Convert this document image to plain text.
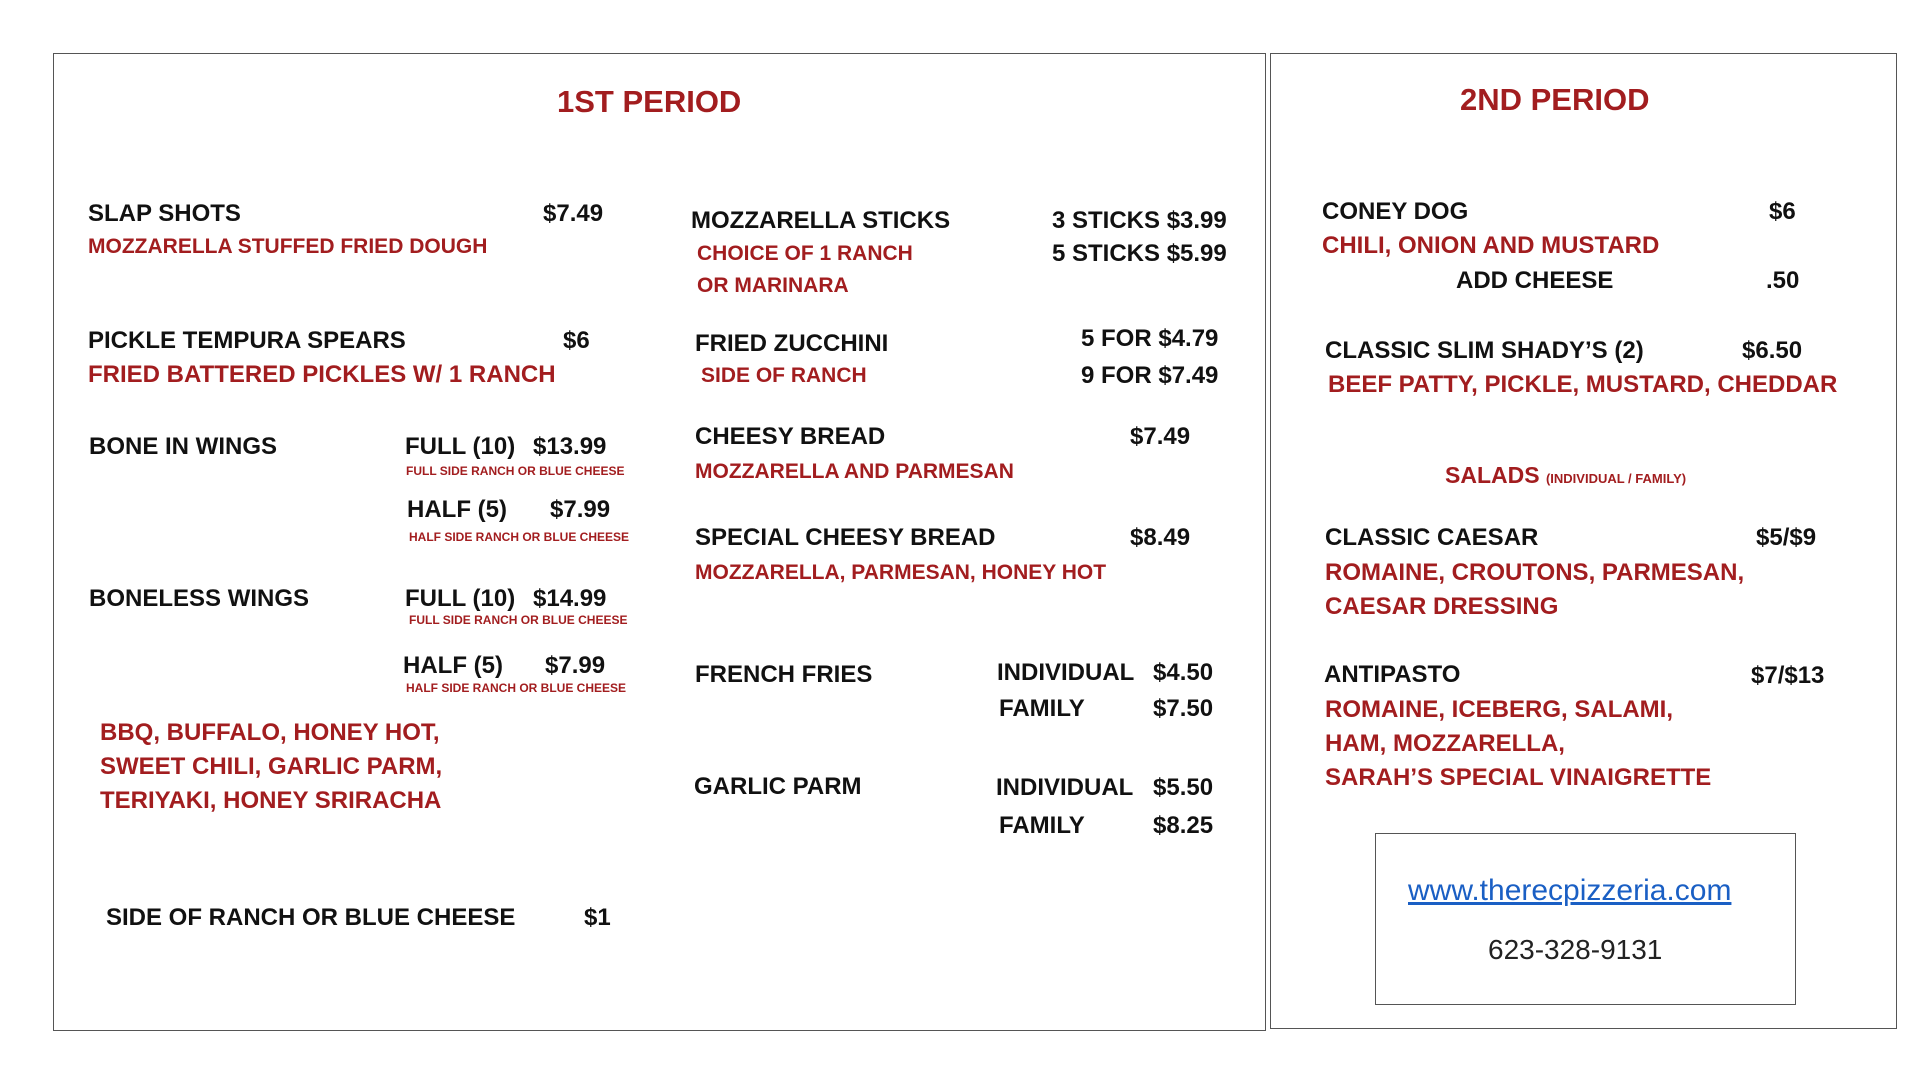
1ST PERIOD
SLAP SHOTS	$7.49
MOZZARELLA STUFFED FRIED DOUGH
PICKLE TEMPURA SPEARS	$6
FRIED BATTERED PICKLES W/ 1 RANCH
BONE IN WINGS	FULL (10) $13.99
FULL SIDE RANCH OR BLUE CHEESE
HALF (5) $7.99
HALF SIDE RANCH OR BLUE CHEESE
BONELESS WINGS	FULL (10) $14.99
FULL SIDE RANCH OR BLUE CHEESE
HALF (5) $7.99
HALF SIDE RANCH OR BLUE CHEESE
BBQ, BUFFALO, HONEY HOT,
SWEET CHILI, GARLIC PARM,
TERIYAKI, HONEY SRIRACHA
SIDE OF RANCH OR BLUE CHEESE	$1
MOZZARELLA STICKS	3 STICKS $3.99
5 STICKS $5.99
CHOICE OF 1 RANCH
OR MARINARA
FRIED ZUCCHINI	5 FOR $4.79
9 FOR $7.49
SIDE OF RANCH
CHEESY BREAD	$7.49
MOZZARELLA AND PARMESAN
SPECIAL CHEESY BREAD	$8.49
MOZZARELLA, PARMESAN, HONEY HOT
FRENCH FRIES	INDIVIDUAL $4.50
FAMILY	$7.50
GARLIC PARM	INDIVIDUAL $5.50
FAMILY	$8.25
2ND PERIOD
CONEY DOG	$6
CHILI, ONION AND MUSTARD
ADD CHEESE	.50
CLASSIC SLIM SHADY’S (2)	$6.50
BEEF PATTY, PICKLE, MUSTARD, CHEDDAR
SALADS (INDIVIDUAL / FAMILY)
CLASSIC CAESAR	$5/$9
ROMAINE, CROUTONS, PARMESAN,
CAESAR DRESSING
ANTIPASTO	$7/$13
ROMAINE, ICEBERG, SALAMI,
HAM, MOZZARELLA,
SARAH’S SPECIAL VINAIGRETTE
www.therecpizzeria.com
623-328-9131
